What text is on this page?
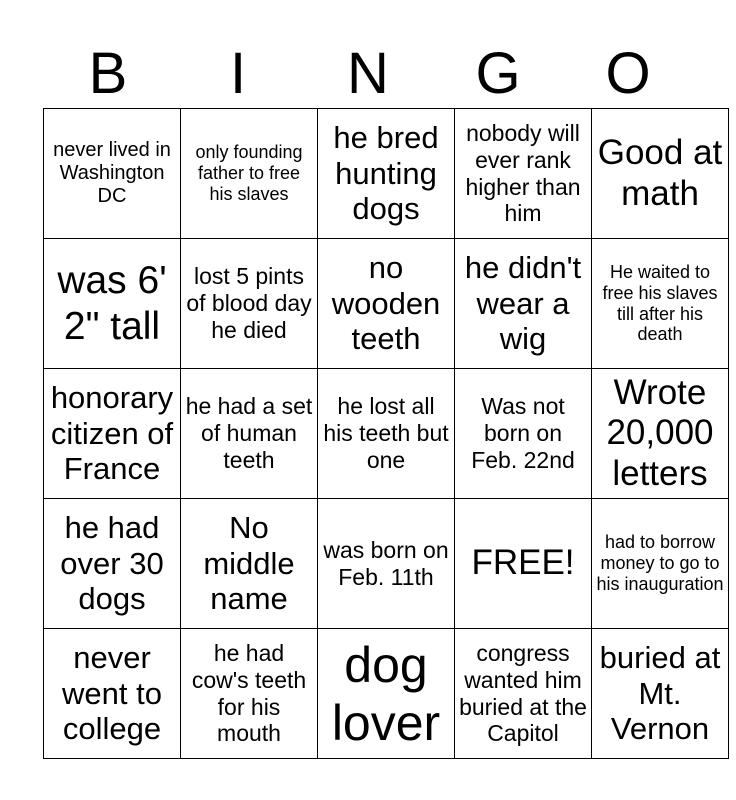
B	I	N	G	O
never lived in Washington DC	only founding father to free his slaves	he bred hunting dogs	nobody will ever rank higher than him	Good at math
was 6' 2" tall	lost 5 pints of blood day he died	no wooden teeth	he didn't wear a wig	He waited to free his slaves till after his death
honorary citizen of France	he had a set of human teeth	he lost all his teeth but one	Was not born on Feb. 22nd	Wrote 20,000 letters
he had over 30 dogs	No middle name	was born on Feb. 11th	FREE!	had to borrow money to go to his inauguration
never went to college	he had cow's teeth for his mouth	dog lover	congress wanted him buried at the Capitol	buried at Mt. Vernon
